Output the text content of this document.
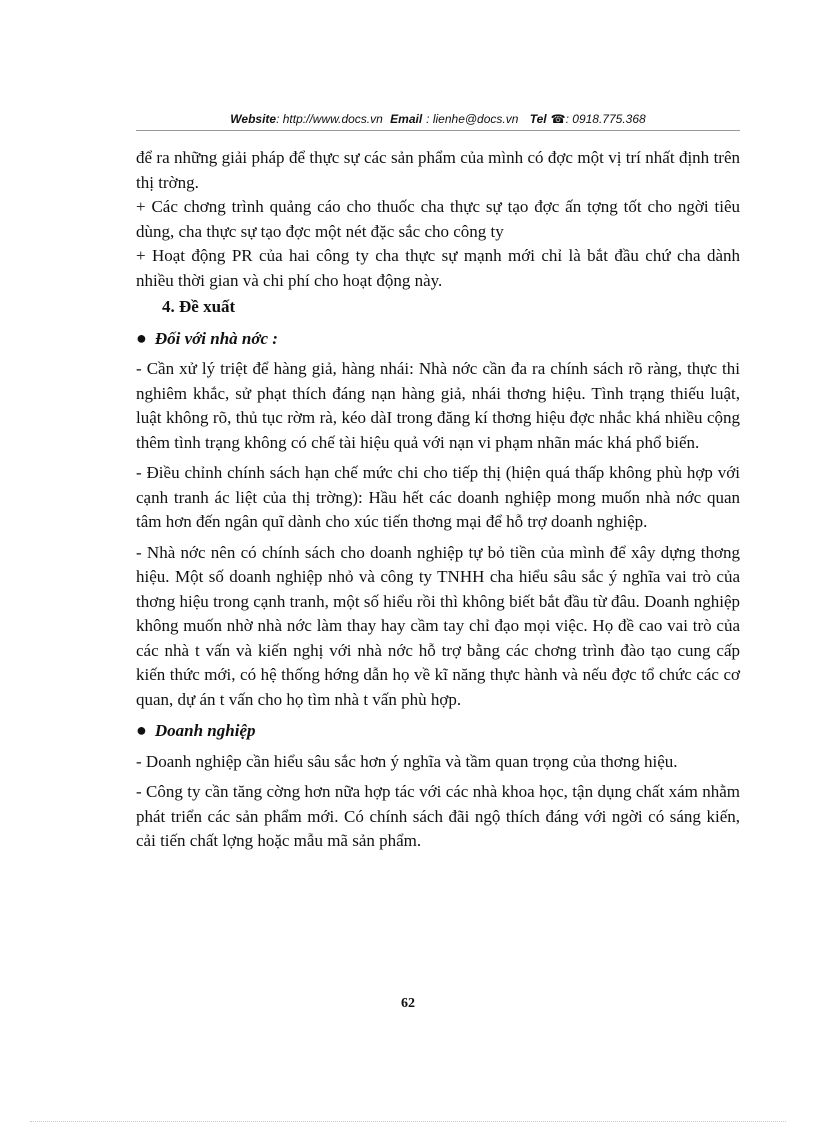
Website: http://www.docs.vn Email : lienhe@docs.vn Tel ☎: 0918.775.368

để ra những giải pháp để thực sự các sản phẩm của mình có đợc một vị trí nhất định trên thị trờng.

+ Các chơng trình quảng cáo cho thuốc cha thực sự tạo đợc ấn tợng tốt cho ngời tiêu dùng, cha thực sự tạo đợc một nét đặc sắc cho công ty

+ Hoạt động PR của hai công ty cha thực sự mạnh mới chỉ là bắt đầu chứ cha dành nhiều thời gian và chi phí cho hoạt động này.

4. Đề xuất

● Đối với nhà nớc :

- Cần xử lý triệt để hàng giả, hàng nhái: Nhà nớc cần đa ra chính sách rõ ràng, thực thi nghiêm khắc, sử phạt thích đáng nạn hàng giả, nhái thơng hiệu. Tình trạng thiếu luật, luật không rõ, thủ tục rờm rà, kéo dàI trong đăng kí thơng hiệu đợc nhắc khá nhiều cộng thêm tình trạng không có chế tài hiệu quả với nạn vi phạm nhãn mác khá phổ biến.

- Điều chỉnh chính sách hạn chế mức chi cho tiếp thị (hiện quá thấp không phù hợp với cạnh tranh ác liệt của thị trờng): Hầu hết các doanh nghiệp mong muốn nhà nớc quan tâm hơn đến ngân quĩ dành cho xúc tiến thơng mại để hỗ trợ doanh nghiệp.

- Nhà nớc nên có chính sách cho doanh nghiệp tự bỏ tiền của mình để xây dựng thơng hiệu. Một số doanh nghiệp nhỏ và công ty TNHH cha hiểu sâu sắc ý nghĩa vai trò của thơng hiệu trong cạnh tranh, một số hiểu rồi thì không biết bắt đầu từ đâu. Doanh nghiệp không muốn nhờ nhà nớc làm thay hay cầm tay chỉ đạo mọi việc. Họ đề cao vai trò của các nhà t vấn và kiến nghị với nhà nớc hỗ trợ bằng các chơng trình đào tạo cung cấp kiến thức mới, có hệ thống hớng dẫn họ về kĩ năng thực hành và nếu đợc tổ chức các cơ quan, dự án t vấn cho họ tìm nhà t vấn phù hợp.

● Doanh nghiệp

- Doanh nghiệp cần hiểu sâu sắc hơn ý nghĩa và tầm quan trọng của thơng hiệu.

- Công ty cần tăng cờng hơn nữa hợp tác với các nhà khoa học, tận dụng chất xám nhằm phát triển các sản phẩm mới. Có chính sách đãi ngộ thích đáng với ngời có sáng kiến, cải tiến chất lợng hoặc mẫu mã sản phẩm.

62
